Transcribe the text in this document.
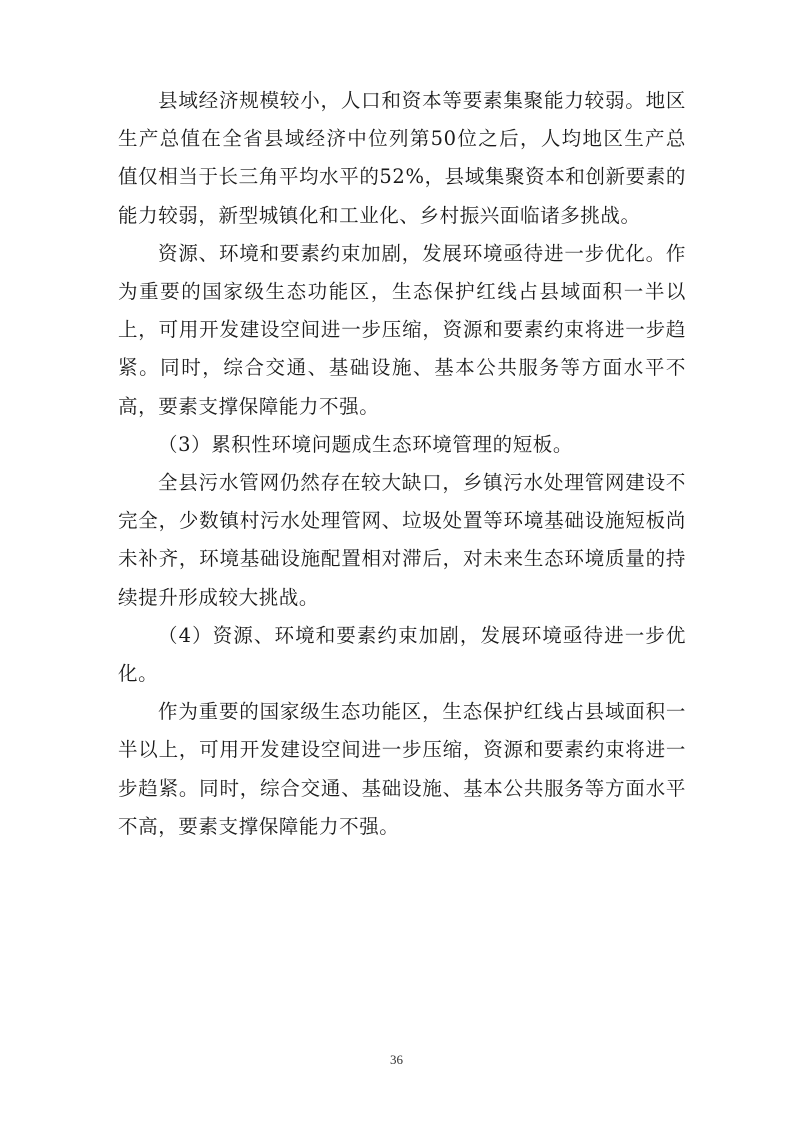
县域经济规模较小，人口和资本等要素集聚能力较弱。地区生产总值在全省县域经济中位列第50位之后，人均地区生产总值仅相当于长三角平均水平的52%，县域集聚资本和创新要素的能力较弱，新型城镇化和工业化、乡村振兴面临诸多挑战。

资源、环境和要素约束加剧，发展环境亟待进一步优化。作为重要的国家级生态功能区，生态保护红线占县域面积一半以上，可用开发建设空间进一步压缩，资源和要素约束将进一步趋紧。同时，综合交通、基础设施、基本公共服务等方面水平不高，要素支撑保障能力不强。

（3）累积性环境问题成生态环境管理的短板。

全县污水管网仍然存在较大缺口，乡镇污水处理管网建设不完全，少数镇村污水处理管网、垃圾处置等环境基础设施短板尚未补齐，环境基础设施配置相对滞后，对未来生态环境质量的持续提升形成较大挑战。

（4）资源、环境和要素约束加剧，发展环境亟待进一步优化。

作为重要的国家级生态功能区，生态保护红线占县域面积一半以上，可用开发建设空间进一步压缩，资源和要素约束将进一步趋紧。同时，综合交通、基础设施、基本公共服务等方面水平不高，要素支撑保障能力不强。

36
